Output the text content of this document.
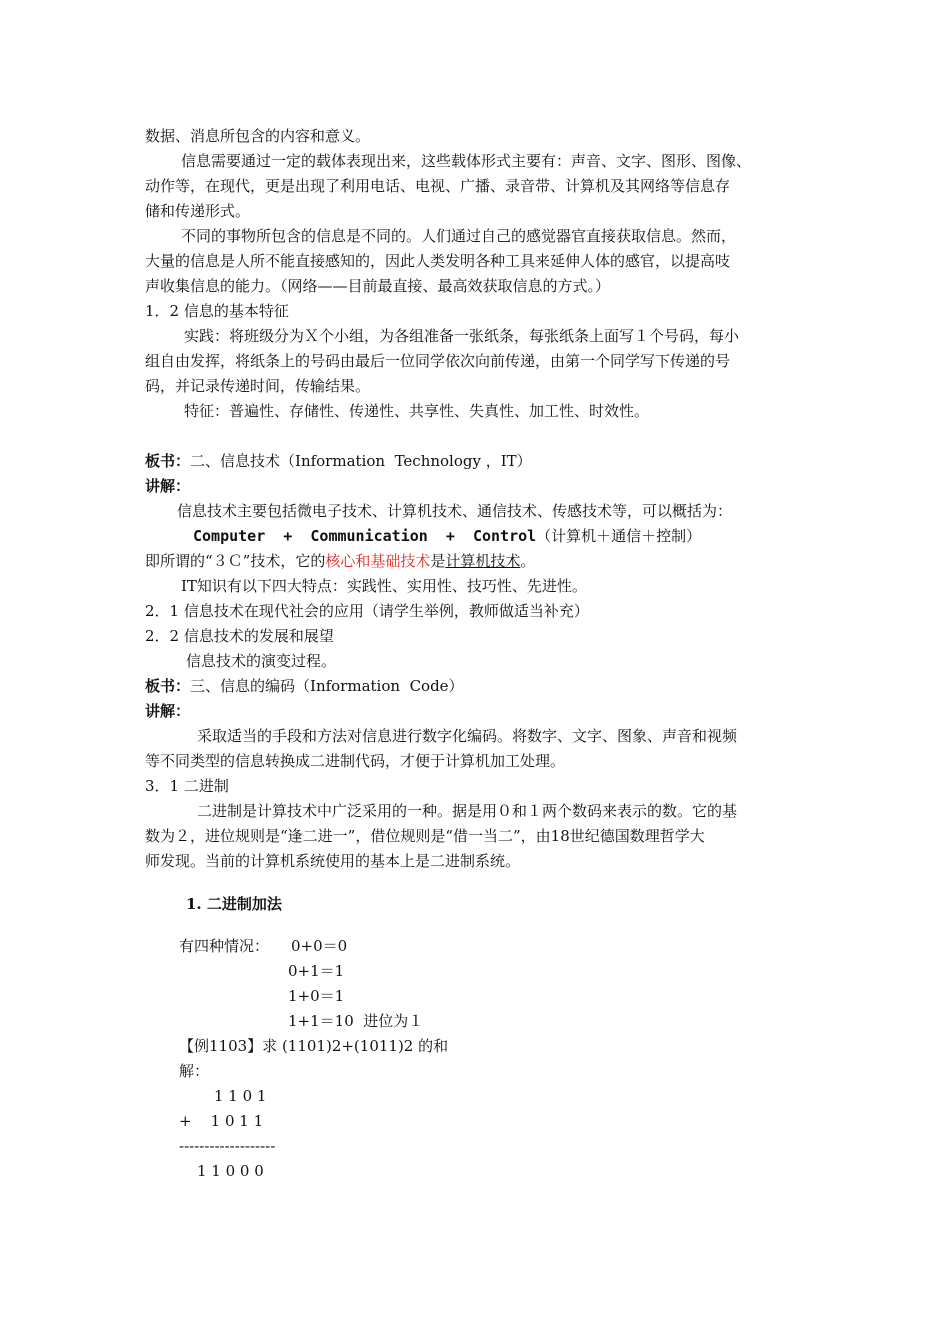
数据、消息所包含的内容和意义。
信息需要通过一定的载体表现出来，这些载体形式主要有：声音、文字、图形、图像、
动作等，在现代，更是出现了利用电话、电视、广播、录音带、计算机及其网络等信息存
储和传递形式。
不同的事物所包含的信息是不同的。人们通过自己的感觉器官直接获取信息。然而，
大量的信息是人所不能直接感知的，因此人类发明各种工具来延伸人体的感官，以提高吱
声收集信息的能力。（网络——目前最直接、最高效获取信息的方式。）
1．2 信息的基本特征
实践：将班级分为Ｘ个小组，为各组准备一张纸条，每张纸条上面写１个号码，每小
组自由发挥，将纸条上的号码由最后一位同学依次向前传递，由第一个同学写下传递的号
码，并记录传递时间，传输结果。
特征：普遍性、存储性、传递性、共享性、失真性、加工性、时效性。
板书：二、信息技术（Information  Technology ，IT）
讲解：
信息技术主要包括微电子技术、计算机技术、通信技术、传感技术等，可以概括为：
Computer  +  Communication  +  Control（计算机＋通信＋控制）
即所谓的“３Ｃ”技术，它的核心和基础技术是计算机技术。
IT知识有以下四大特点：实践性、实用性、技巧性、先进性。
2．1 信息技术在现代社会的应用（请学生举例，教师做适当补充）
2．2 信息技术的发展和展望
信息技术的演变过程。
板书：三、信息的编码（Information  Code）
讲解：
采取适当的手段和方法对信息进行数字化编码。将数字、文字、图象、声音和视频
等不同类型的信息转换成二进制代码，才便于计算机加工处理。
3．1 二进制
二进制是计算技术中广泛采用的一种。据是用０和１两个数码来表示的数。它的基
数为２，进位规则是“逢二进一”，借位规则是“借一当二”，由18世纪德国数理哲学大
师发现。当前的计算机系统使用的基本上是二进制系统。
1. 二进制加法
有四种情况： 0+0＝0
0+1＝1
1+0＝1
1+1＝10  进位为１
【例1103】求 (1101)2+(1011)2 的和
解：
1 1 0 1
+    1 0 1 1
-------------------
1 1 0 0 0
